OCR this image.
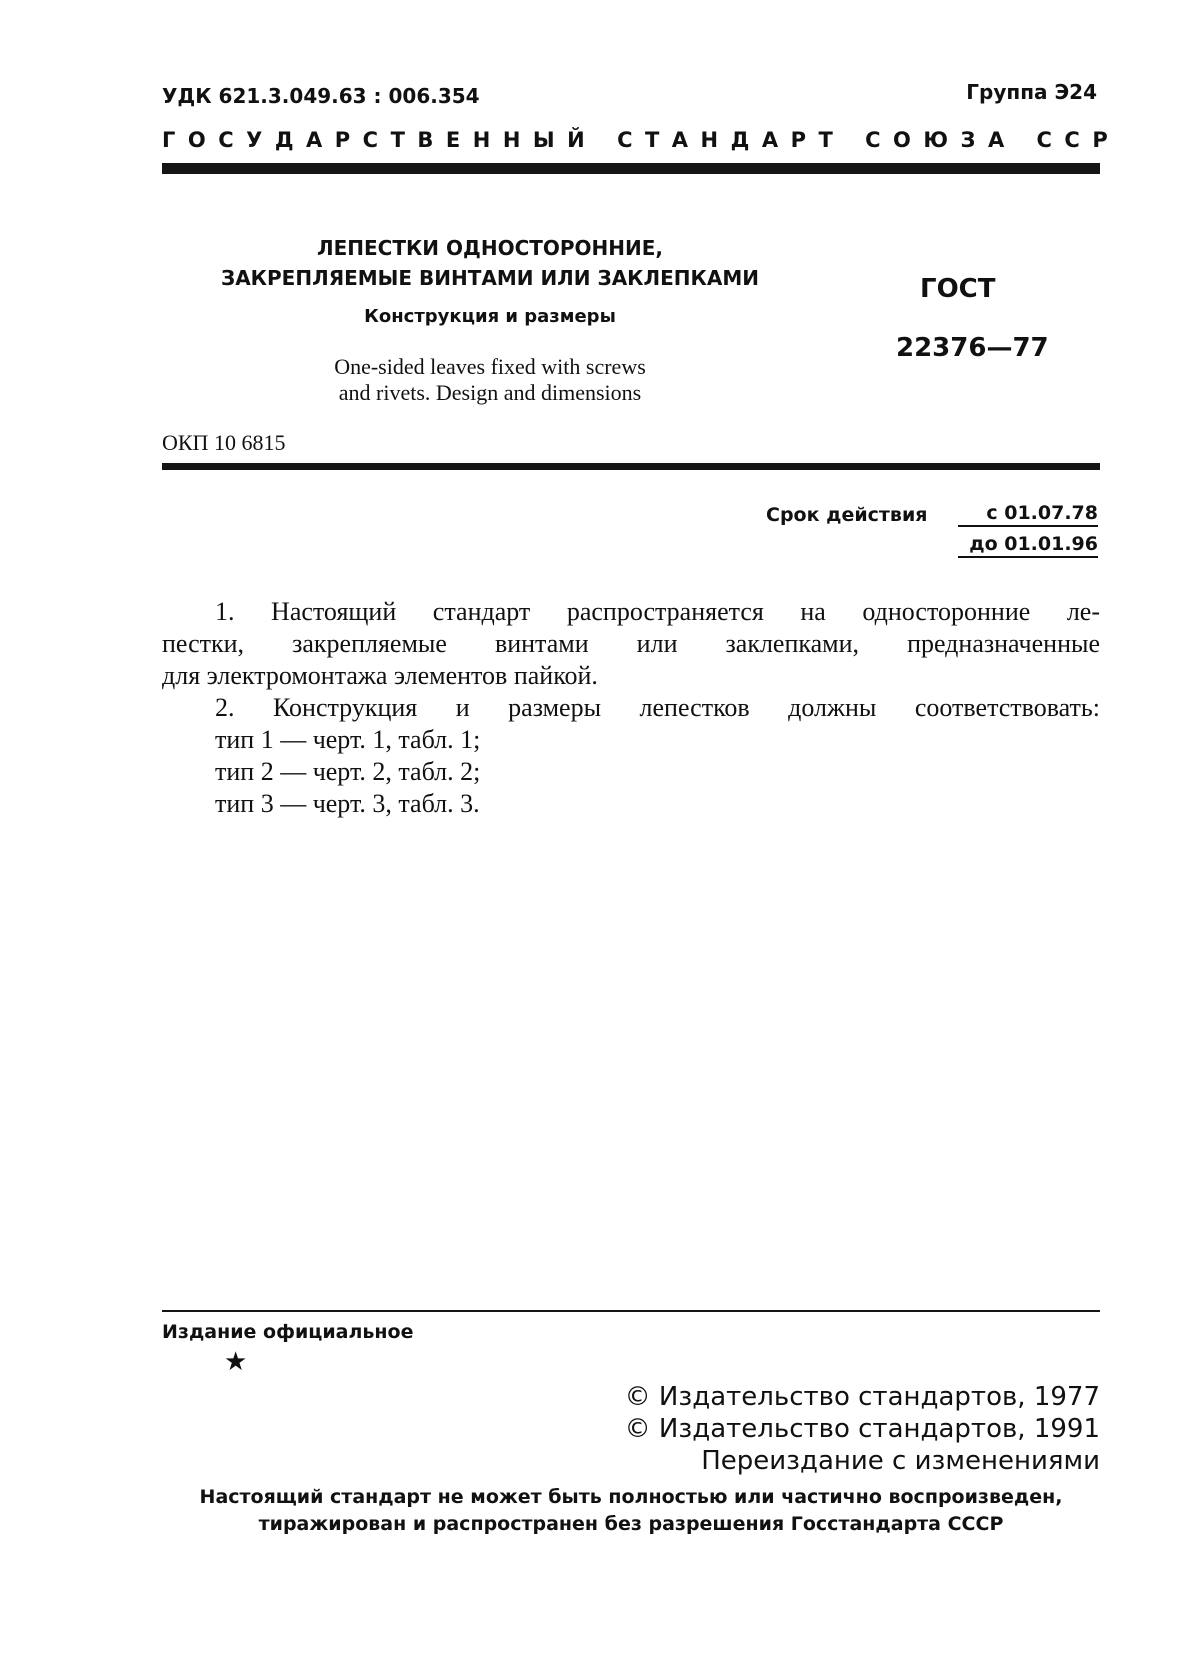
УДК 621.3.049.63 : 006.354	Группа Э24
ГОСУДАРСТВЕННЫЙ СТАНДАРТ СОЮЗА ССР
ЛЕПЕСТКИ ОДНОСТОРОННИЕ,
ЗАКРЕПЛЯЕМЫЕ ВИНТАМИ ИЛИ ЗАКЛЕПКАМИ
Конструкция и размеры
One-sided leaves fixed with screws
and rivets. Design and dimensions
ГОСТ
22376—77
ОКП 10 6815
Срок действия	с 01.07.78
до 01.01.96
1. Настоящий стандарт распространяется на односторонние ле-
пестки, закрепляемые винтами или заклепками, предназначенные
для электромонтажа элементов пайкой.
2. Конструкция и размеры лепестков должны соответствовать:
тип 1 — черт. 1, табл. 1;
тип 2 — черт. 2, табл. 2;
тип 3 — черт. 3, табл. 3.
Издание официальное
★
© Издательство стандартов, 1977
© Издательство стандартов, 1991
Переиздание с изменениями
Настоящий стандарт не может быть полностью или частично воспроизведен,
тиражирован и распространен без разрешения Госстандарта СССР
